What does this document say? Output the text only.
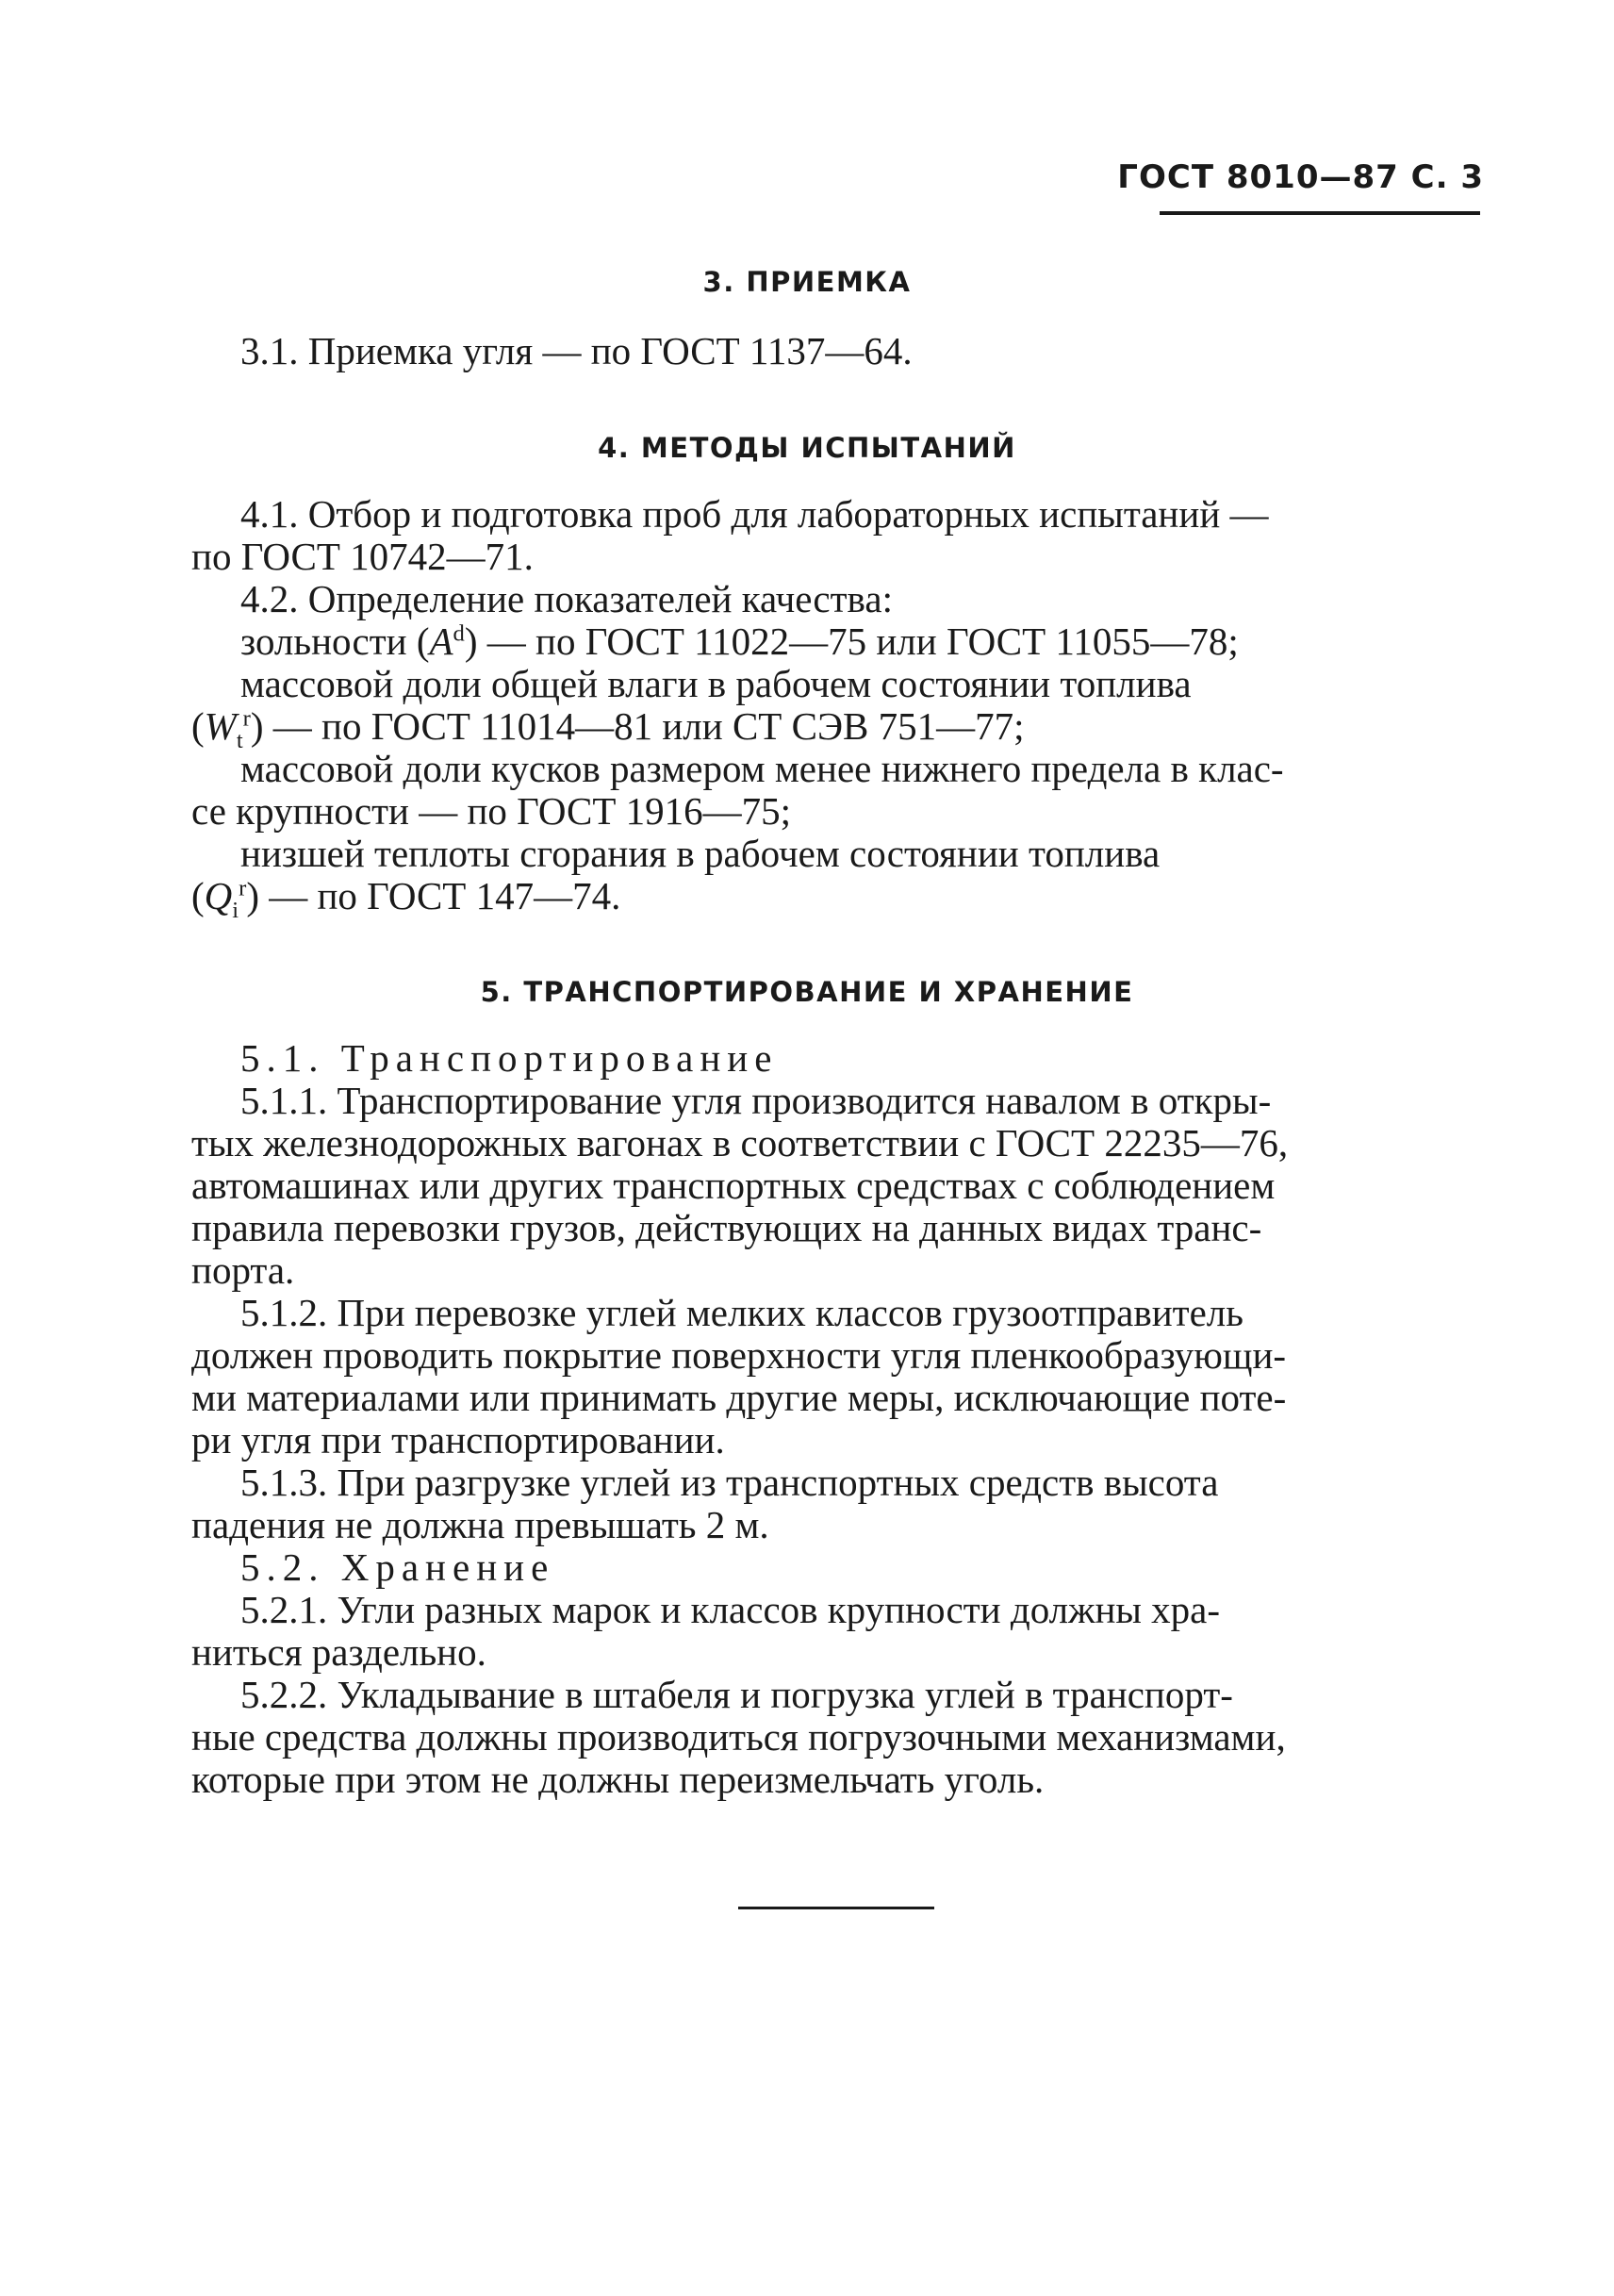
ГОСТ 8010—87 С. 3
3. ПРИЕМКА
3.1. Приемка угля — по ГОСТ 1137—64.
4. МЕТОДЫ ИСПЫТАНИЙ
4.1. Отбор и подготовка проб для лабораторных испытаний —
по ГОСТ 10742—71.
4.2. Определение показателей качества:
зольности $(A^d)$ — по ГОСТ 11022—75 или ГОСТ 11055—78;
массовой доли общей влаги в рабочем состоянии топлива
$(W_t^r)$ — по ГОСТ 11014—81 или СТ СЭВ 751—77;
массовой доли кусков размером менее нижнего предела в клас-
се крупности — по ГОСТ 1916—75;
низшей теплоты сгорания в рабочем состоянии топлива
$(Q_i^r)$ — по ГОСТ 147—74.
5. ТРАНСПОРТИРОВАНИЕ И ХРАНЕНИЕ
5.1. Транспортирование
5.1.1. Транспортирование угля производится навалом в откры-
тых железнодорожных вагонах в соответствии с ГОСТ 22235—76,
автомашинах или других транспортных средствах с соблюдением
правила перевозки грузов, действующих на данных видах транс-
порта.
5.1.2. При перевозке углей мелких классов грузоотправитель
должен проводить покрытие поверхности угля пленкообразующи-
ми материалами или принимать другие меры, исключающие поте-
ри угля при транспортировании.
5.1.3. При разгрузке углей из транспортных средств высота
падения не должна превышать 2 м.
5.2. Хранение
5.2.1. Угли разных марок и классов крупности должны хра-
ниться раздельно.
5.2.2. Укладывание в штабеля и погрузка углей в транспорт-
ные средства должны производиться погрузочными механизмами,
которые при этом не должны переизмельчать уголь.
